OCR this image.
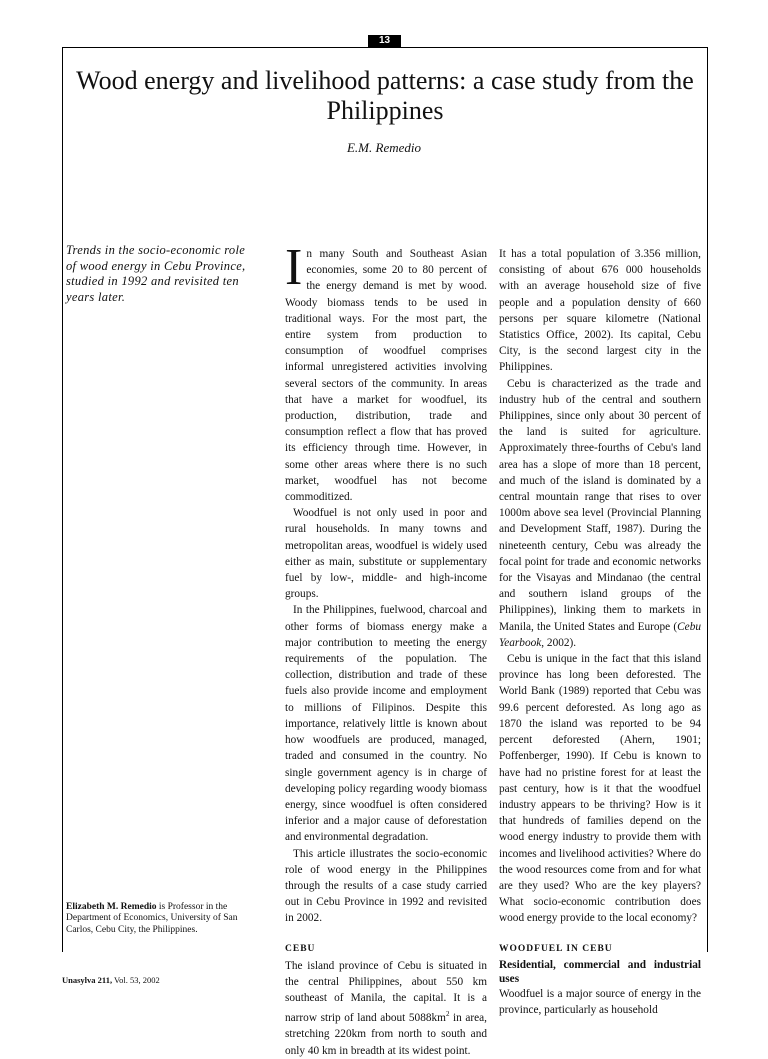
13
Wood energy and livelihood patterns: a case study from the Philippines
E.M. Remedio
Trends in the socio-economic role of wood energy in Cebu Province, studied in 1992 and revisited ten years later.
Elizabeth M. Remedio is Professor in the Department of Economics, University of San Carlos, Cebu City, the Philippines.

In many South and Southeast Asian economies, some 20 to 80 percent of the energy demand is met by wood. Woody biomass tends to be used in traditional ways. For the most part, the entire system from production to consumption of woodfuel comprises informal unregistered activities involving several sectors of the community. In areas that have a market for woodfuel, its production, distribution, trade and consumption reflect a flow that has proved its efficiency through time. However, in some other areas where there is no such market, woodfuel has not become commoditized.

Woodfuel is not only used in poor and rural households. In many towns and metropolitan areas, woodfuel is widely used either as main, substitute or supplementary fuel by low-, middle- and high-income groups.

In the Philippines, fuelwood, charcoal and other forms of biomass energy make a major contribution to meeting the energy requirements of the population. The collection, distribution and trade of these fuels also provide income and employment to millions of Filipinos. Despite this importance, relatively little is known about how woodfuels are produced, managed, traded and consumed in the country. No single government agency is in charge of developing policy regarding woody biomass energy, since woodfuel is often considered inferior and a major cause of deforestation and environmental degradation.

This article illustrates the socio-economic role of wood energy in the Philippines through the results of a case study carried out in Cebu Province in 1992 and revisited in 2002.

CEBU

The island province of Cebu is situated in the central Philippines, about 550 km southeast of Manila, the capital. It is a narrow strip of land about $5088km^2$ in area, stretching 220km from north to south and only 40 km in breadth at its widest point.

It has a total population of 3.356 million, consisting of about 676 000 households with an average household size of five people and a population density of 660 persons per square kilometre (National Statistics Office, 2002). Its capital, Cebu City, is the second largest city in the Philippines.

Cebu is characterized as the trade and industry hub of the central and southern Philippines, since only about 30 percent of the land is suited for agriculture. Approximately three-fourths of Cebu's land area has a slope of more than 18 percent, and much of the island is dominated by a central mountain range that rises to over 1000m above sea level (Provincial Planning and Development Staff, 1987). During the nineteenth century, Cebu was already the focal point for trade and economic networks for the Visayas and Mindanao (the central and southern island groups of the Philippines), linking them to markets in Manila, the United States and Europe (Cebu Yearbook, 2002).

Cebu is unique in the fact that this island province has long been deforested. The World Bank (1989) reported that Cebu was 99.6 percent deforested. As long ago as 1870 the island was reported to be 94 percent deforested (Ahern, 1901; Poffenberger, 1990). If Cebu is known to have had no pristine forest for at least the past century, how is it that the woodfuel industry appears to be thriving? How is it that hundreds of families depend on the wood energy industry to provide them with incomes and livelihood activities? Where do the wood resources come from and for what are they used? Who are the key players? What socio-economic contribution does wood energy provide to the local economy?

WOODFUEL IN CEBU
Residential, commercial and industrial uses

Woodfuel is a major source of energy in the province, particularly as household

Unasylva 211, Vol. 53, 2002
